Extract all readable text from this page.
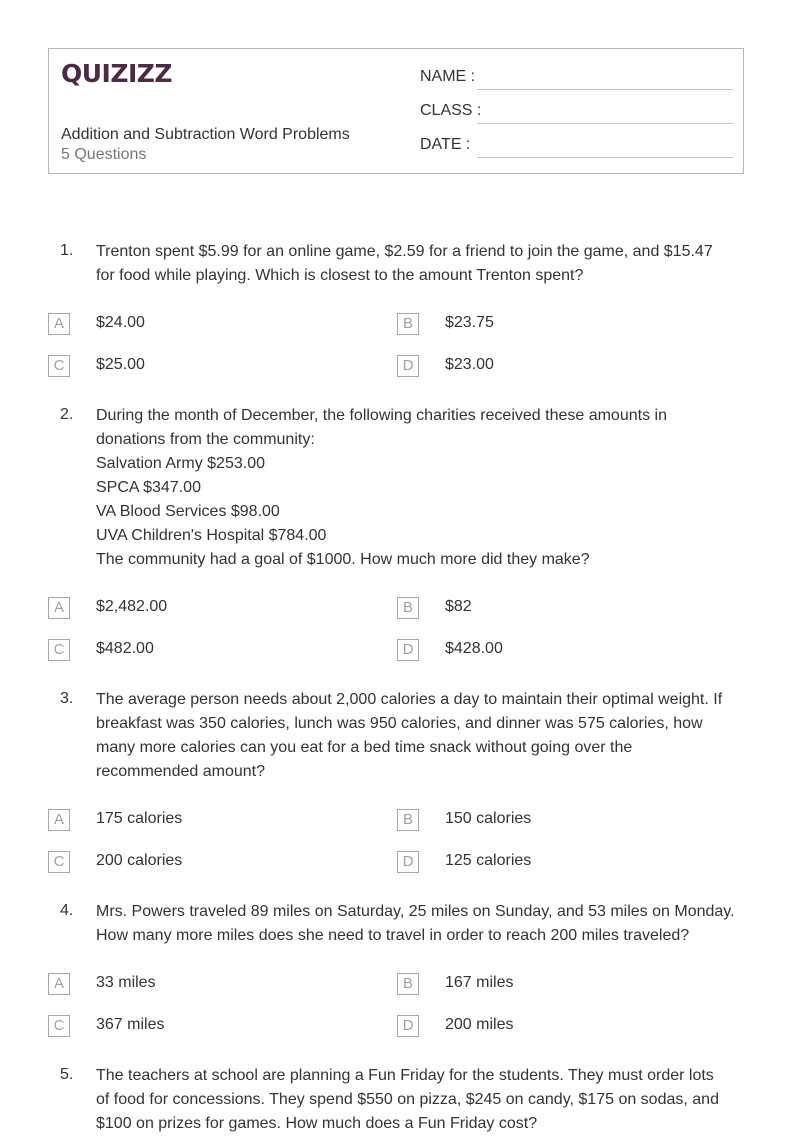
QUIZIZZ
Addition and Subtraction Word Problems
5 Questions
NAME :
CLASS :
DATE :
1. Trenton spent $5.99 for an online game, $2.59 for a friend to join the game, and $15.47
for food while playing. Which is closest to the amount Trenton spent?
A	$24.00	B	$23.75
C	$25.00	D	$23.00
2. During the month of December, the following charities received these amounts in
donations from the community:
Salvation Army $253.00
SPCA $347.00
VA Blood Services $98.00
UVA Children's Hospital $784.00
The community had a goal of $1000. How much more did they make?
A	$2,482.00	B	$82
C	$482.00	D	$428.00
3. The average person needs about 2,000 calories a day to maintain their optimal weight. If
breakfast was 350 calories, lunch was 950 calories, and dinner was 575 calories, how
many more calories can you eat for a bed time snack without going over the
recommended amount?
A	175 calories	B	150 calories
C	200 calories	D	125 calories
4. Mrs. Powers traveled 89 miles on Saturday, 25 miles on Sunday, and 53 miles on Monday.
How many more miles does she need to travel in order to reach 200 miles traveled?
A	33 miles	B	167 miles
C	367 miles	D	200 miles
5. The teachers at school are planning a Fun Friday for the students. They must order lots
of food for concessions. They spend $550 on pizza, $245 on candy, $175 on sodas, and
$100 on prizes for games. How much does a Fun Friday cost?
